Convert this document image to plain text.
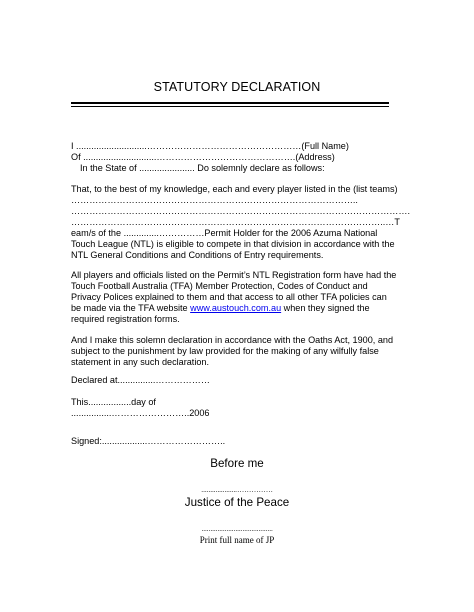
STATUTORY DECLARATION
I ............................……………………………………………(Full Name)
Of .............................……………………………………….(Address)
In the State of ...................... Do solemnly declare as follows:
That, to the best of my knowledge, each and every player listed in the (list teams)
…………………………………………………………………………………..
………………………………………………………………………………………………….
…………………………………………………………………………………………..…T
eam/s of the ..............……………Permit Holder for the 2006 Azuma National
Touch League (NTL) is eligible to compete in that division in accordance with the
NTL General Conditions and Conditions of Entry requirements.
All players and officials listed on the Permit’s NTL Registration form have had the
Touch Football Australia (TFA) Member Protection, Codes of Conduct and
Privacy Polices explained to them and that access to all other TFA policies can
be made via the TFA website www.austouch.com.au when they signed the
required registration forms.
And I make this solemn declaration in accordance with the Oaths Act, 1900, and
subject to the punishment by law provided for the making of any wilfully false
statement in any such declaration.
Declared at...............………………
This.................day of
................……………………..2006
Signed:..................……………………..
Before me
....................……………
Justice of the Peace
........................................
Print full name of JP
